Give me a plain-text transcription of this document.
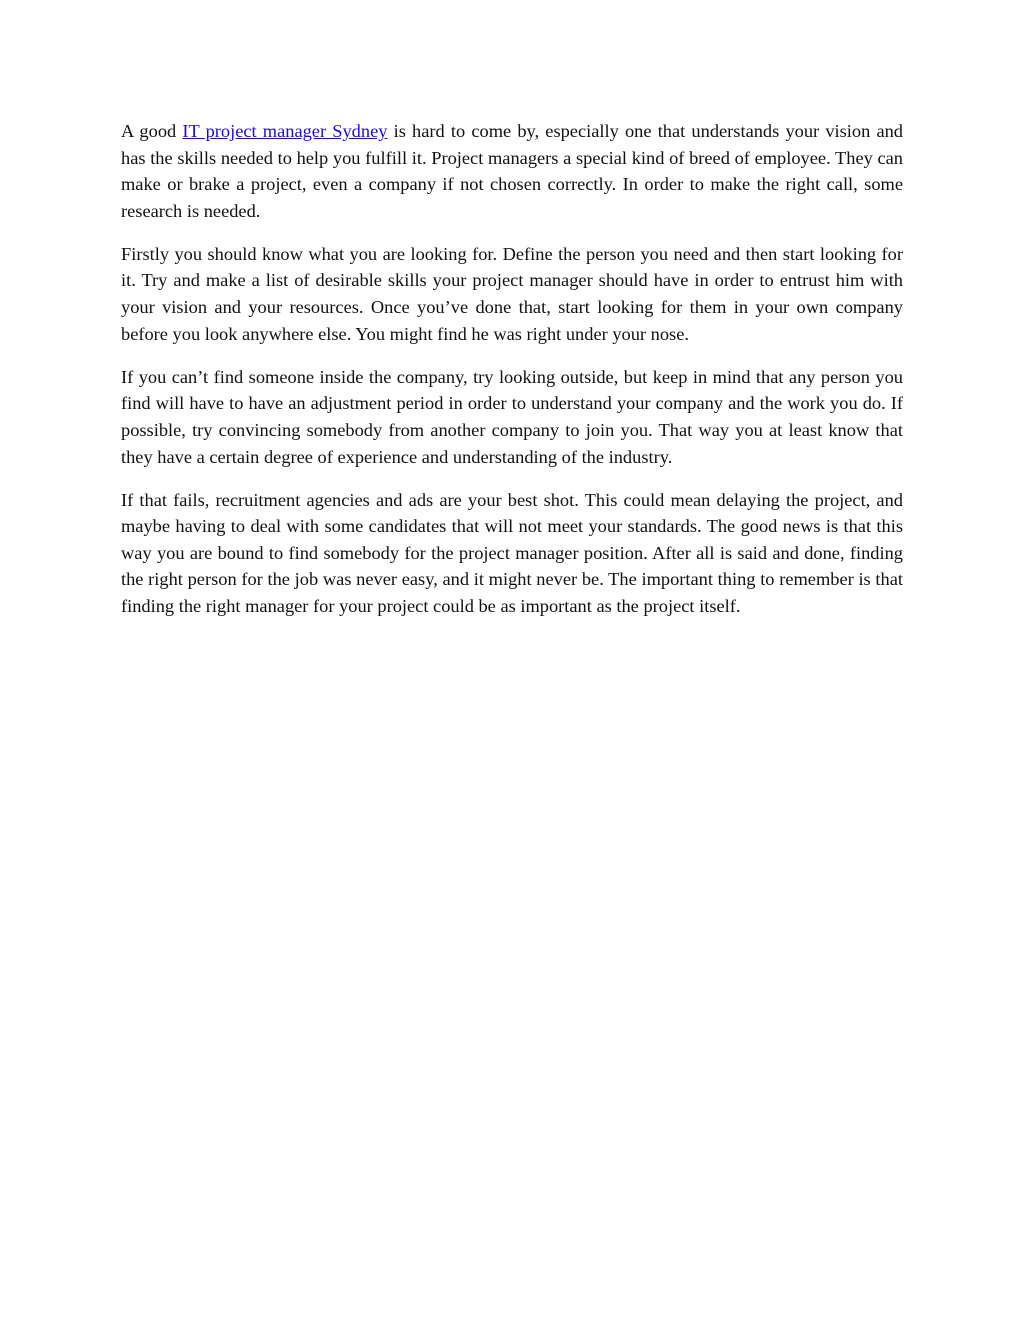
A good IT project manager Sydney is hard to come by, especially one that understands your vision and has the skills needed to help you fulfill it. Project managers a special kind of breed of employee. They can make or brake a project, even a company if not chosen correctly. In order to make the right call, some research is needed.

Firstly you should know what you are looking for. Define the person you need and then start looking for it. Try and make a list of desirable skills your project manager should have in order to entrust him with your vision and your resources. Once you’ve done that, start looking for them in your own company before you look anywhere else. You might find he was right under your nose.

If you can’t find someone inside the company, try looking outside, but keep in mind that any person you find will have to have an adjustment period in order to understand your company and the work you do. If possible, try convincing somebody from another company to join you. That way you at least know that they have a certain degree of experience and understanding of the industry.

If that fails, recruitment agencies and ads are your best shot. This could mean delaying the project, and maybe having to deal with some candidates that will not meet your standards. The good news is that this way you are bound to find somebody for the project manager position. After all is said and done, finding the right person for the job was never easy, and it might never be. The important thing to remember is that finding the right manager for your project could be as important as the project itself.
